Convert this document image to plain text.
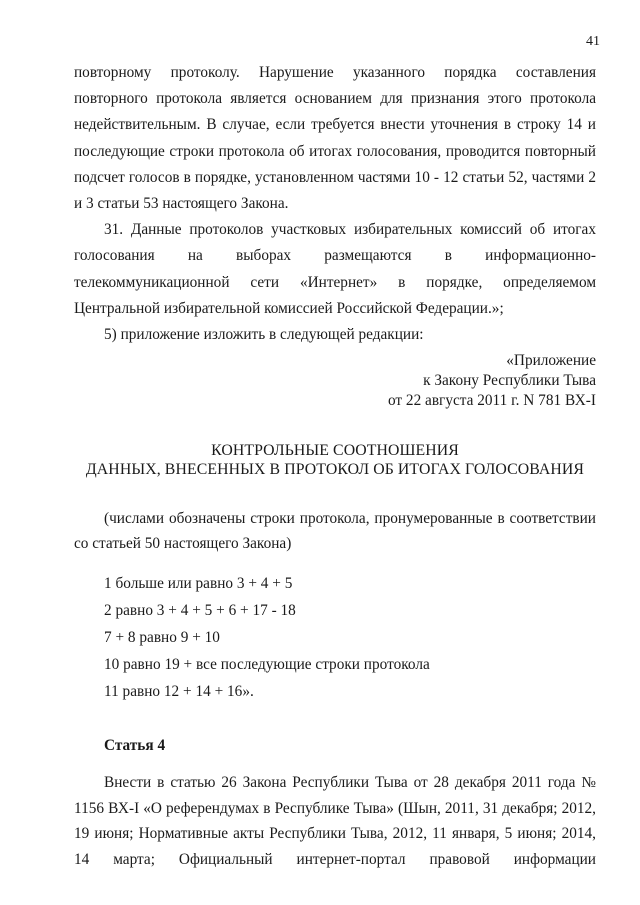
41

повторному протоколу. Нарушение указанного порядка составления повторного протокола является основанием для признания этого протокола недействительным. В случае, если требуется внести уточнения в строку 14 и последующие строки протокола об итогах голосования, проводится повторный подсчет голосов в порядке, установленном частями 10 - 12 статьи 52, частями 2 и 3 статьи 53 настоящего Закона.

31. Данные протоколов участковых избирательных комиссий об итогах голосования на выборах размещаются в информационно-телекоммуникационной сети «Интернет» в порядке, определяемом Центральной избирательной комиссией Российской Федерации.»;

5) приложение изложить в следующей редакции:

«Приложение
к Закону Республики Тыва
от 22 августа 2011 г. N 781 ВХ-I
КОНТРОЛЬНЫЕ СООТНОШЕНИЯ
ДАННЫХ, ВНЕСЕННЫХ В ПРОТОКОЛ ОБ ИТОГАХ ГОЛОСОВАНИЯ

(числами обозначены строки протокола, пронумерованные в соответствии со статьей 50 настоящего Закона)

1 больше или равно 3 + 4 + 5
2 равно 3 + 4 + 5 + 6 + 17 - 18
7 + 8 равно 9 + 10
10 равно 19 + все последующие строки протокола
11 равно 12 + 14 + 16».
Статья 4

Внести в статью 26 Закона Республики Тыва от 28 декабря 2011 года № 1156 ВХ-I «О референдумах в Республике Тыва» (Шын, 2011, 31 декабря; 2012, 19 июня; Нормативные акты Республики Тыва, 2012, 11 января, 5 июня; 2014, 14 марта; Официальный интернет-портал правовой информации
